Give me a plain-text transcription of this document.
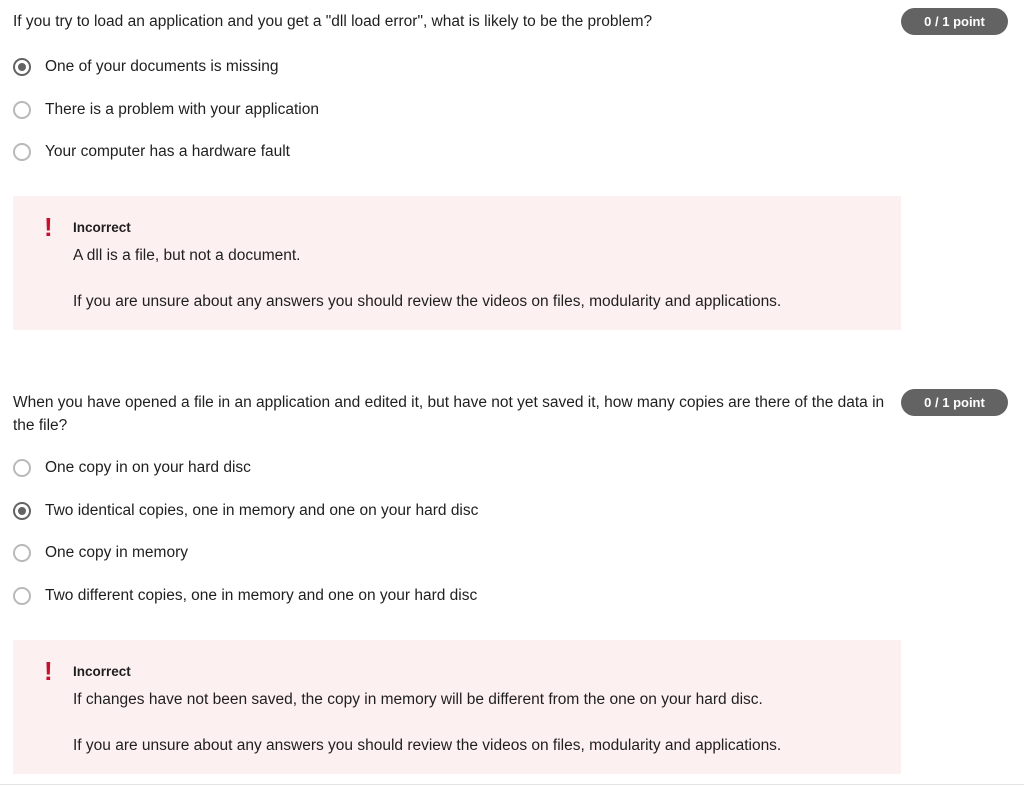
If you try to load an application and you get a "dll load error", what is likely to be the problem?	0 / 1 point
One of your documents is missing
There is a problem with your application
Your computer has a hardware fault
! Incorrect
A dll is a file, but not a document.
If you are unsure about any answers you should review the videos on files, modularity and applications.

When you have opened a file in an application and edited it, but have not yet saved it, how many copies are there of the data in the file?

0 / 1 point
One copy in on your hard disc
Two identical copies, one in memory and one on your hard disc
One copy in memory
Two different copies, one in memory and one on your hard disc
! Incorrect
If changes have not been saved, the copy in memory will be different from the one on your hard disc.
If you are unsure about any answers you should review the videos on files, modularity and applications.
